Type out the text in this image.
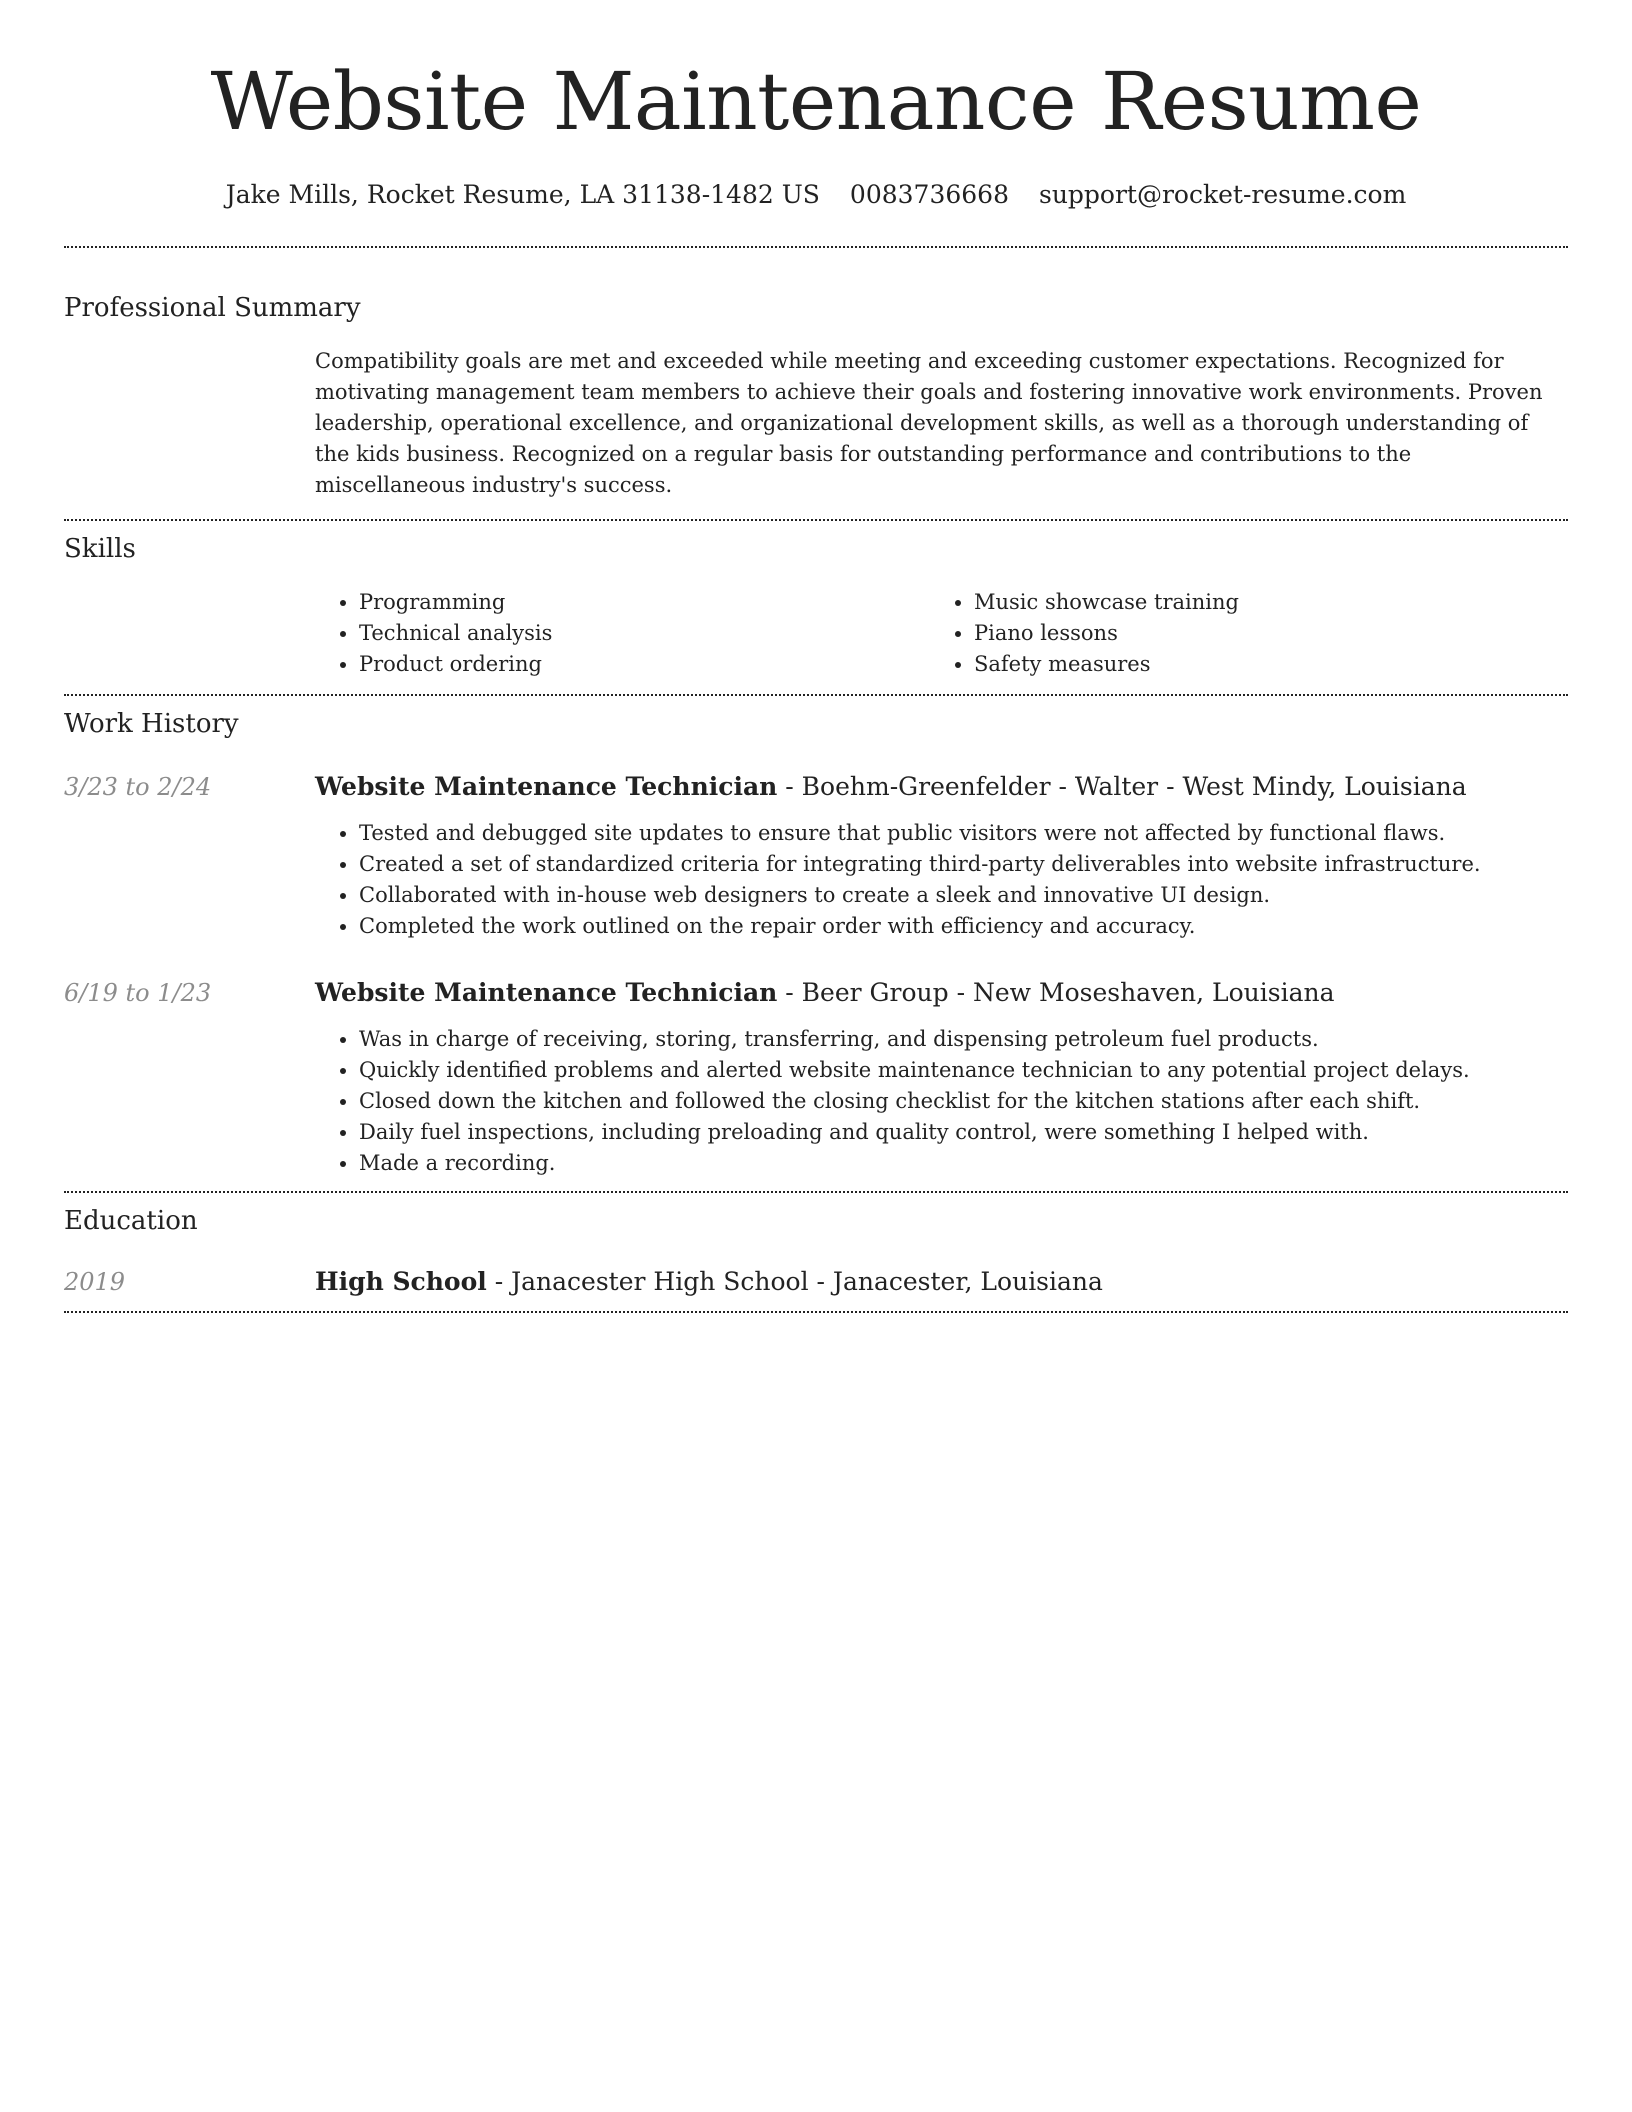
Website Maintenance Resume
Jake Mills, Rocket Resume, LA 31138-1482 US 0083736668 support@rocket-resume.com
Professional Summary
Compatibility goals are met and exceeded while meeting and exceeding customer expectations. Recognized for motivating management team members to achieve their goals and fostering innovative work environments. Proven leadership, operational excellence, and organizational development skills, as well as a thorough understanding of the kids business. Recognized on a regular basis for outstanding performance and contributions to the miscellaneous industry's success.
Skills
• Programming
• Technical analysis
• Product ordering
• Music showcase training
• Piano lessons
• Safety measures
Work History
3/23 to 2/24	Website Maintenance Technician - Boehm-Greenfelder - Walter - West Mindy, Louisiana
• Tested and debugged site updates to ensure that public visitors were not affected by functional flaws.
• Created a set of standardized criteria for integrating third-party deliverables into website infrastructure.
• Collaborated with in-house web designers to create a sleek and innovative UI design.
• Completed the work outlined on the repair order with efficiency and accuracy.
6/19 to 1/23	Website Maintenance Technician - Beer Group - New Moseshaven, Louisiana
• Was in charge of receiving, storing, transferring, and dispensing petroleum fuel products.
• Quickly identified problems and alerted website maintenance technician to any potential project delays.
• Closed down the kitchen and followed the closing checklist for the kitchen stations after each shift.
• Daily fuel inspections, including preloading and quality control, were something I helped with.
• Made a recording.
Education
2019	High School - Janacester High School - Janacester, Louisiana
